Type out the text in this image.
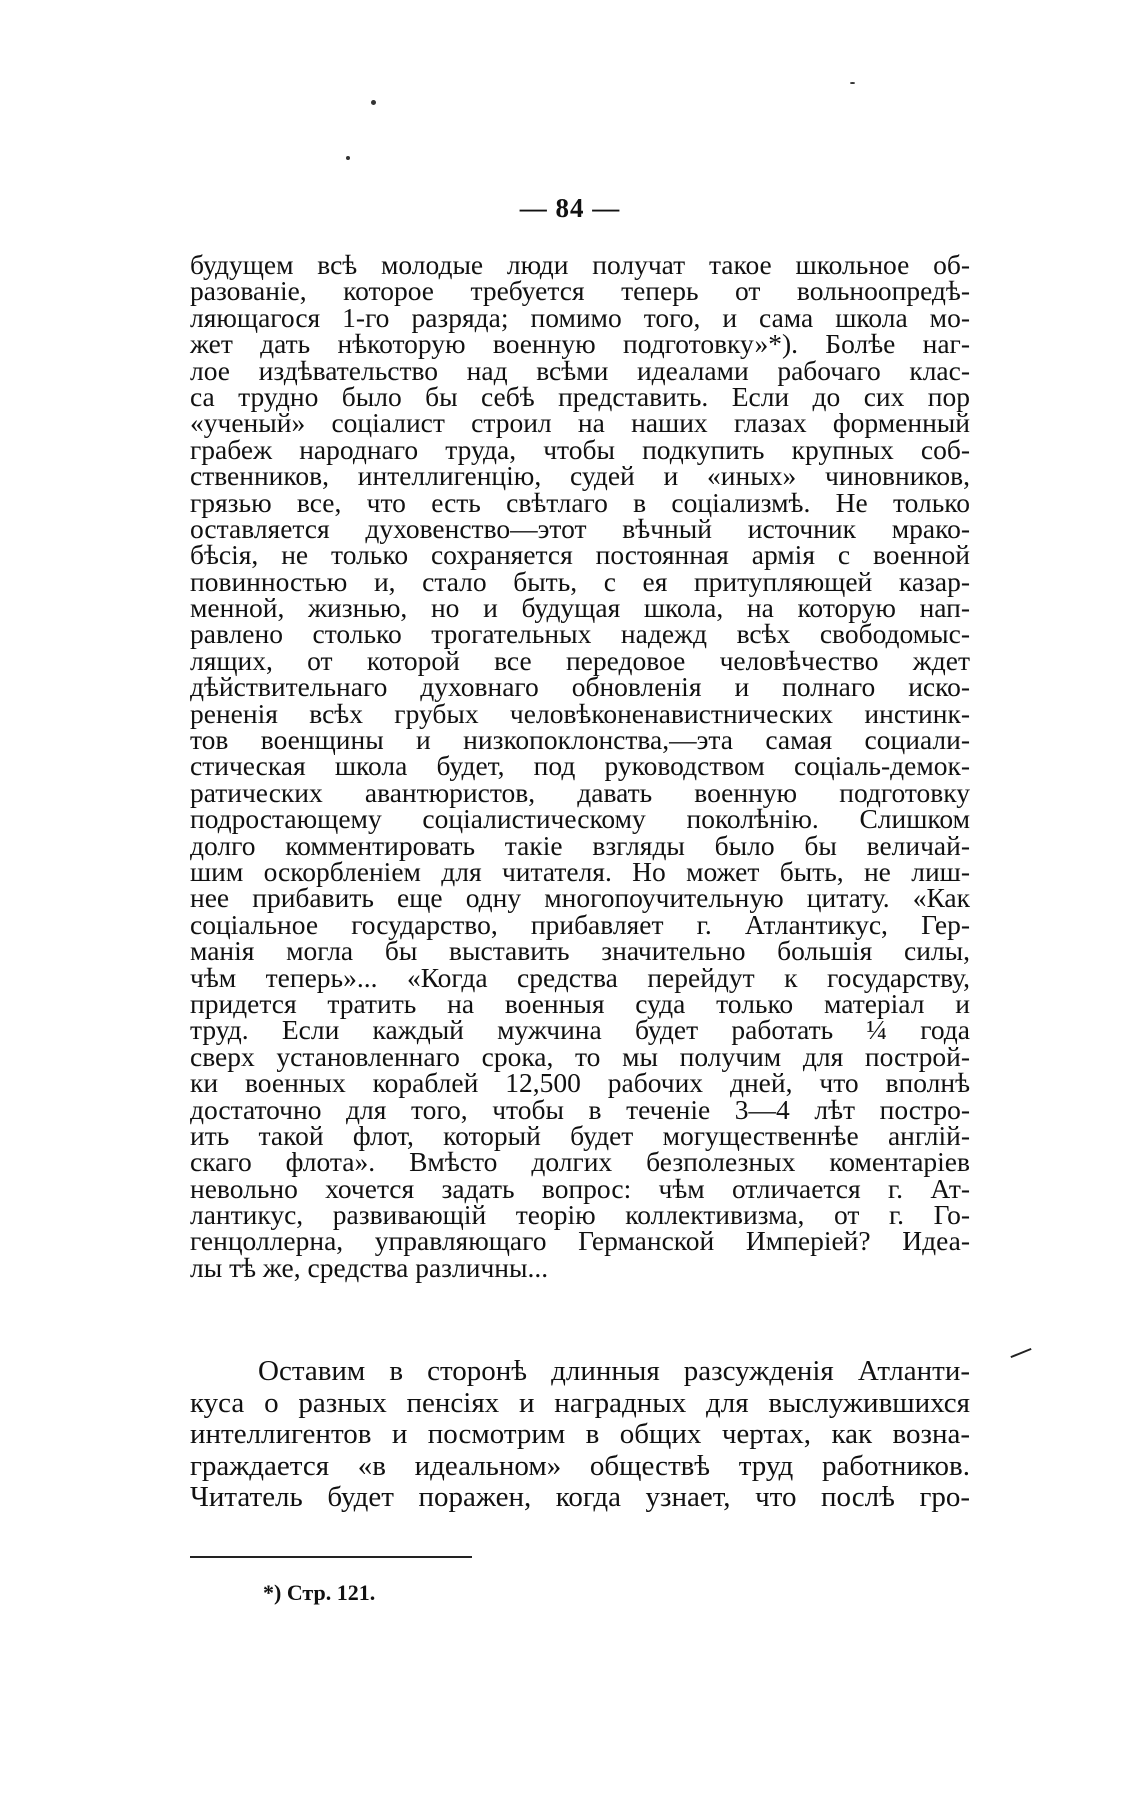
— 84 —
будущем всѣ молодые люди получат такое школьное об-
разованіе, которое требуется теперь от вольноопредѣ-
ляющагося 1-го разряда; помимо того, и сама школа мо-
жет дать нѣкоторую военную подготовку»*). Болѣе наг-
лое издѣвательство над всѣми идеалами рабочаго клас-
са трудно было бы себѣ представить. Если до сих пор
«ученый» соціалист строил на наших глазах форменный
грабеж народнаго труда, чтобы подкупить крупных соб-
ственников, интеллигенцію, судей и «иных» чиновников,
грязью все, что есть свѣтлаго в соціализмѣ. Не только
оставляется духовенство—этот вѣчный источник мрако-
бѣсія, не только сохраняется постоянная армія с военной
повинностью и, стало быть, с ея притупляющей казар-
менной, жизнью, но и будущая школа, на которую нап-
равлено столько трогательных надежд всѣх свободомыс-
лящих, от которой все передовое человѣчество ждет
дѣйствительнаго духовнаго обновленія и полнаго иско-
рененія всѣх грубых человѣконенавистнических инстинк-
тов военщины и низкопоклонства,—эта самая социали-
стическая школа будет, под руководством соціаль-демок-
ратических авантюристов, давать военную подготовку
подростающему соціалистическому поколѣнію. Слишком
долго комментировать такіе взгляды было бы величай-
шим оскорбленіем для читателя. Но может быть, не лиш-
нее прибавить еще одну многопоучительную цитату. «Как
соціальное государство, прибавляет г. Атлантикус, Гер-
манія могла бы выставить значительно большія силы,
чѣм теперь»... «Когда средства перейдут к государству,
придется тратить на военныя суда только матеріал и
труд. Если каждый мужчина будет работать ¼ года
сверх установленнаго срока, то мы получим для построй-
ки военных кораблей 12,500 рабочих дней, что вполнѣ
достаточно для того, чтобы в теченіе 3—4 лѣт постро-
ить такой флот, который будет могущественнѣе англій-
скаго флота». Вмѣсто долгих безполезных коментаріев
невольно хочется задать вопрос: чѣм отличается г. Ат-
лантикус, развивающій теорію коллективизма, от г. Го-
генцоллерна, управляющаго Германской Имперіей? Идеа-
лы тѣ же, средства различны...
Оставим в сторонѣ длинныя разсужденія Атланти-
куса о разных пенсіях и наградных для выслужившихся
интеллигентов и посмотрим в общих чертах, как возна-
граждается «в идеальном» обществѣ труд работников.
Читатель будет поражен, когда узнает, что послѣ гро-
*) Стр. 121.
